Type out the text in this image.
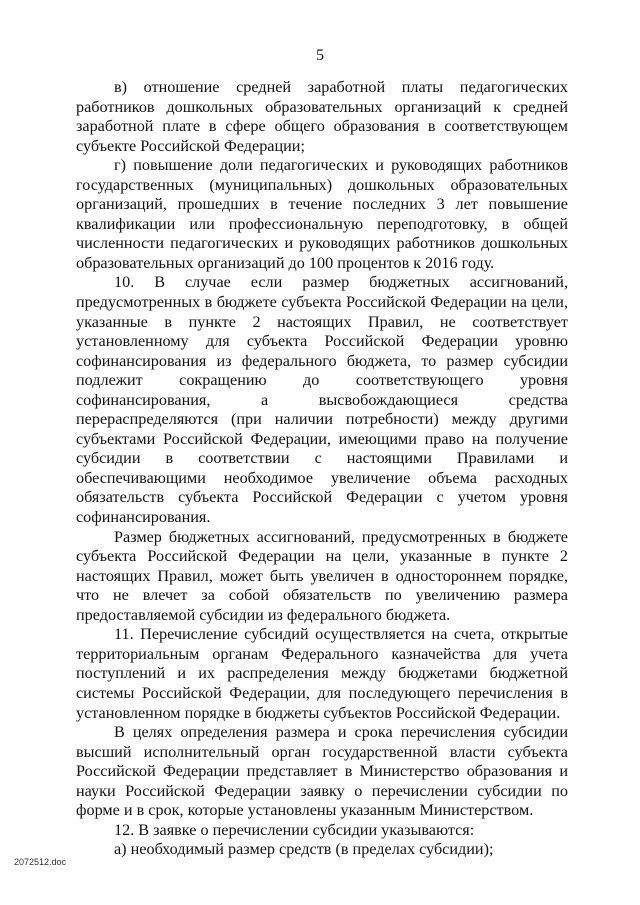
5

в) отношение средней заработной платы педагогических работников дошкольных образовательных организаций к средней заработной плате в сфере общего образования в соответствующем субъекте Российской Федерации;

г) повышение доли педагогических и руководящих работников государственных (муниципальных) дошкольных образовательных организаций, прошедших в течение последних 3 лет повышение квалификации или профессиональную переподготовку, в общей численности педагогических и руководящих работников дошкольных образовательных организаций до 100 процентов к 2016 году.

10. В случае если размер бюджетных ассигнований, предусмотренных в бюджете субъекта Российской Федерации на цели, указанные в пункте 2 настоящих Правил, не соответствует установленному для субъекта Российской Федерации уровню софинансирования из федерального бюджета, то размер субсидии подлежит сокращению до соответствующего уровня софинансирования, а высвобождающиеся средства перераспределяются (при наличии потребности) между другими субъектами Российской Федерации, имеющими право на получение субсидии в соответствии с настоящими Правилами и обеспечивающими необходимое увеличение объема расходных обязательств субъекта Российской Федерации с учетом уровня софинансирования.

Размер бюджетных ассигнований, предусмотренных в бюджете субъекта Российской Федерации на цели, указанные в пункте 2 настоящих Правил, может быть увеличен в одностороннем порядке, что не влечет за собой обязательств по увеличению размера предоставляемой субсидии из федерального бюджета.

11. Перечисление субсидий осуществляется на счета, открытые территориальным органам Федерального казначейства для учета поступлений и их распределения между бюджетами бюджетной системы Российской Федерации, для последующего перечисления в установленном порядке в бюджеты субъектов Российской Федерации.

В целях определения размера и срока перечисления субсидии высший исполнительный орган государственной власти субъекта Российской Федерации представляет в Министерство образования и науки Российской Федерации заявку о перечислении субсидии по форме и в срок, которые установлены указанным Министерством.

12. В заявке о перечислении субсидии указываются:

а) необходимый размер средств (в пределах субсидии);

2072512.doc
